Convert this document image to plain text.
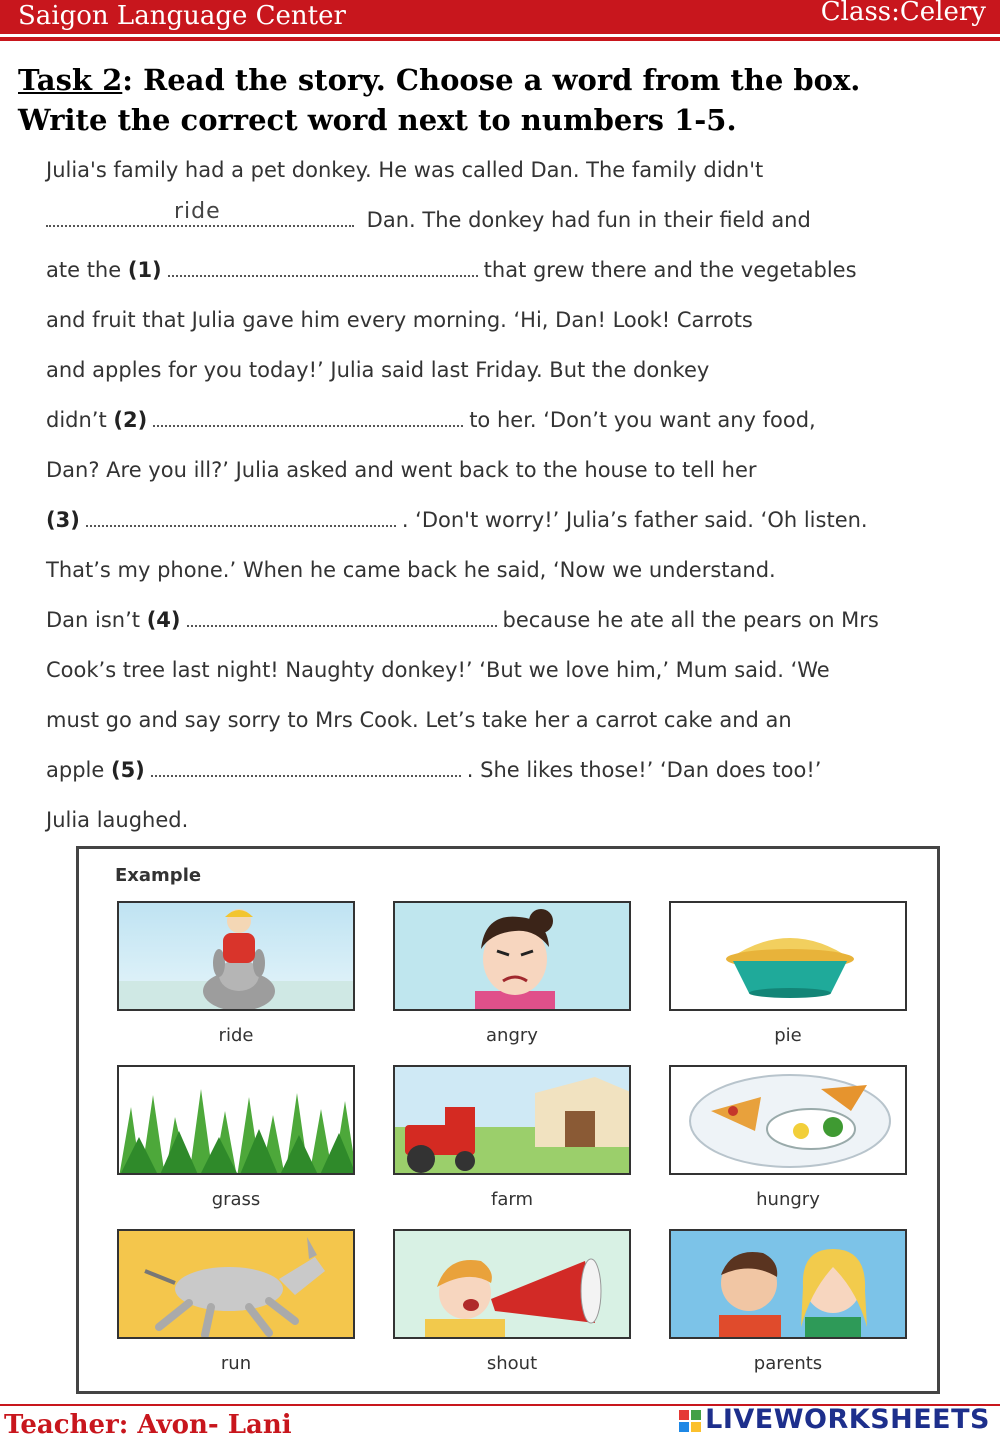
Saigon Language Center	Class:Celery
Task 2: Read the story. Choose a word from the box.
Write the correct word next to numbers 1-5.
Julia's family had a pet donkey. He was called Dan. The family didn't
ride	Dan. The donkey had fun in their field and
ate the (1)	that grew there and the vegetables
and fruit that Julia gave him every morning. ‘Hi, Dan! Look! Carrots
and apples for you today!’ Julia said last Friday. But the donkey
didn’t (2)	to her. ‘Don’t you want any food,
Dan? Are you ill?’ Julia asked and went back to the house to tell her
(3)	. ‘Don't worry!’ Julia’s father said. ‘Oh listen.
That’s my phone.’ When he came back he said, ‘Now we understand.
Dan isn’t (4)	because he ate all the pears on Mrs
Cook’s tree last night! Naughty donkey!’ ‘But we love him,’ Mum said. ‘We
must go and say sorry to Mrs Cook. Let’s take her a carrot cake and an
apple (5)	. She likes those!’ ‘Dan does too!’
Julia laughed.
Example
ride	angry	pie
grass	farm	hungry
run	shout	parents
Teacher: Avon- Lani	LIVEWORKSHEETS
